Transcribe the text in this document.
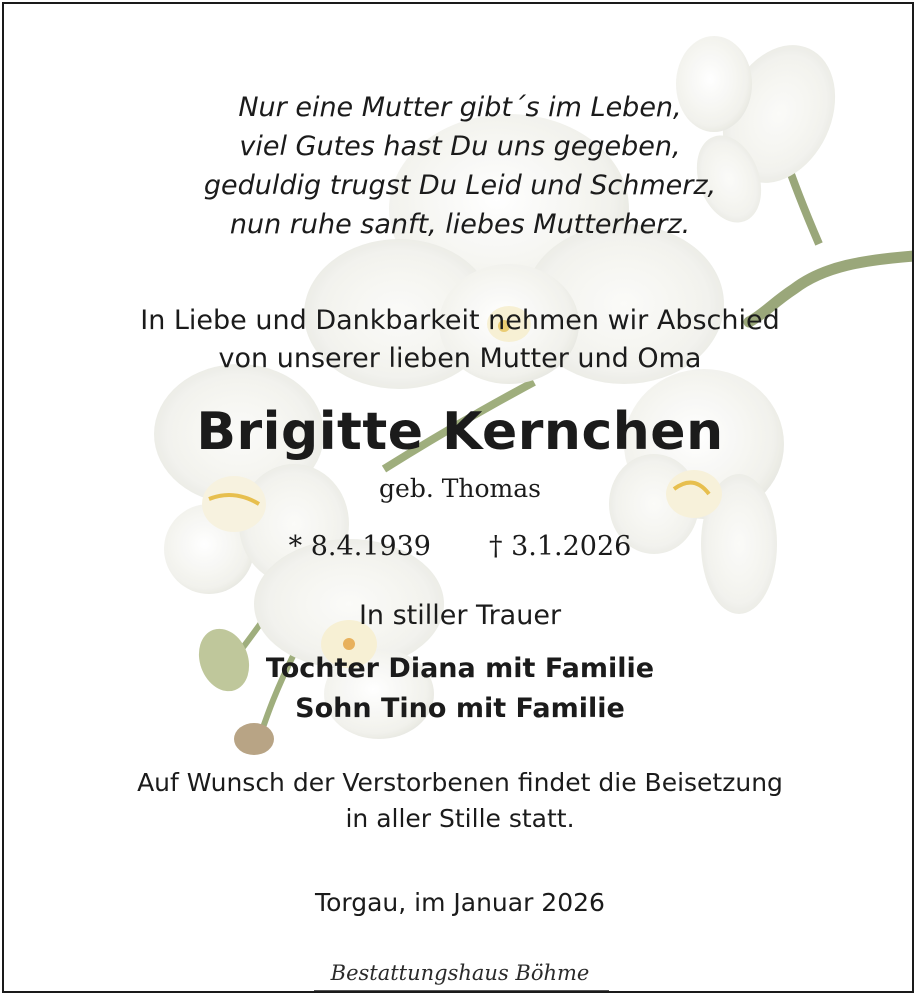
Nur eine Mutter gibt´s im Leben,
viel Gutes hast Du uns gegeben,
geduldig trugst Du Leid und Schmerz,
nun ruhe sanft, liebes Mutterherz.
In Liebe und Dankbarkeit nehmen wir Abschied
von unserer lieben Mutter und Oma
Brigitte Kernchen
geb. Thomas
* 8.4.1939 † 3.1.2026
In stiller Trauer
Tochter Diana mit Familie
Sohn Tino mit Familie
Auf Wunsch der Verstorbenen findet die Beisetzung
in aller Stille statt.
Torgau, im Januar 2026
Bestattungshaus Böhme
